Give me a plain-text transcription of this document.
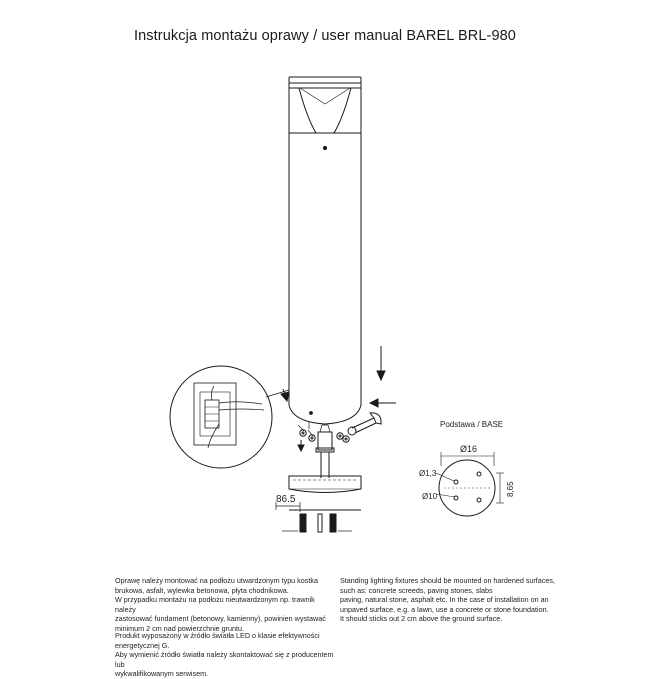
Instrukcja montażu oprawy / user manual BAREL BRL-980
86.5
Podstawa / BASE
Ø16
Ø1,3
Ø10	8,65
Oprawę należy montować na podłożu utwardzonym typu kostka
brukowa, asfalt, wylewka betonowa, płyta chodnikowa.
W przypadku montażu na podłożu nieutwardzonym np. trawnik należy
zastosować fundament (betonowy, kamienny), powinien wystawać
minimum 2 cm nad powierzchnie gruntu.
Produkt wyposażony w źródło światła LED o klasie efektywności energetycznej G.
Aby wymienić źródło światła należy skontaktować się z producentem lub
wykwalifikowanym serwisem.
Standing lighting fixtures should be mounted on hardened surfaces,
such as: concrete screeds, paving stones, slabs
paving, natural stone, asphalt etc. In the case of installation on an
unpaved surface, e.g. a lawn, use a concrete or stone foundation.
It should sticks out 2 cm above the ground surface.
